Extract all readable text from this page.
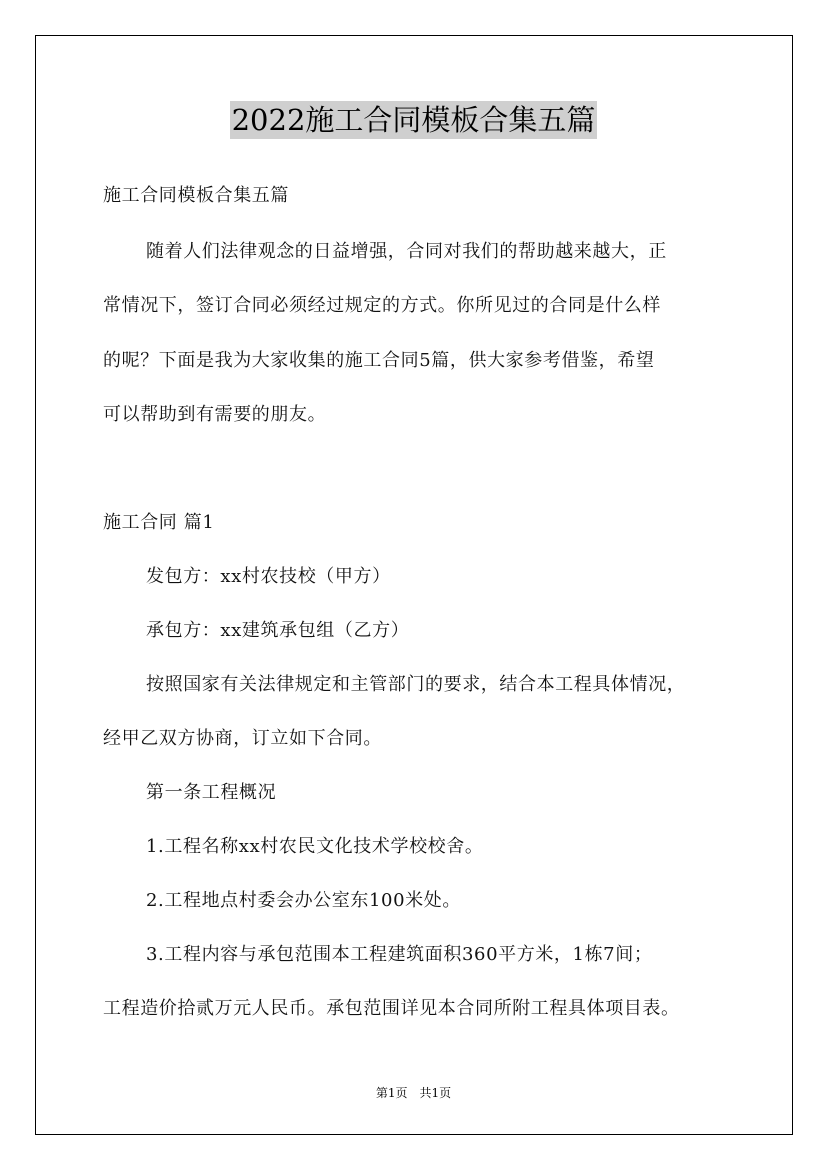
2022施工合同模板合集五篇
施工合同模板合集五篇
随着人们法律观念的日益增强，合同对我们的帮助越来越大，正
常情况下，签订合同必须经过规定的方式。你所见过的合同是什么样
的呢？下面是我为大家收集的施工合同5篇，供大家参考借鉴，希望
可以帮助到有需要的朋友。
施工合同 篇1
发包方：xx村农技校（甲方）
承包方：xx建筑承包组（乙方）
按照国家有关法律规定和主管部门的要求，结合本工程具体情况，
经甲乙双方协商，订立如下合同。
第一条工程概况
1.工程名称xx村农民文化技术学校校舍。
2.工程地点村委会办公室东100米处。
3.工程内容与承包范围本工程建筑面积360平方米，1栋7间；
工程造价拾贰万元人民币。承包范围详见本合同所附工程具体项目表。
第1页　共1页
